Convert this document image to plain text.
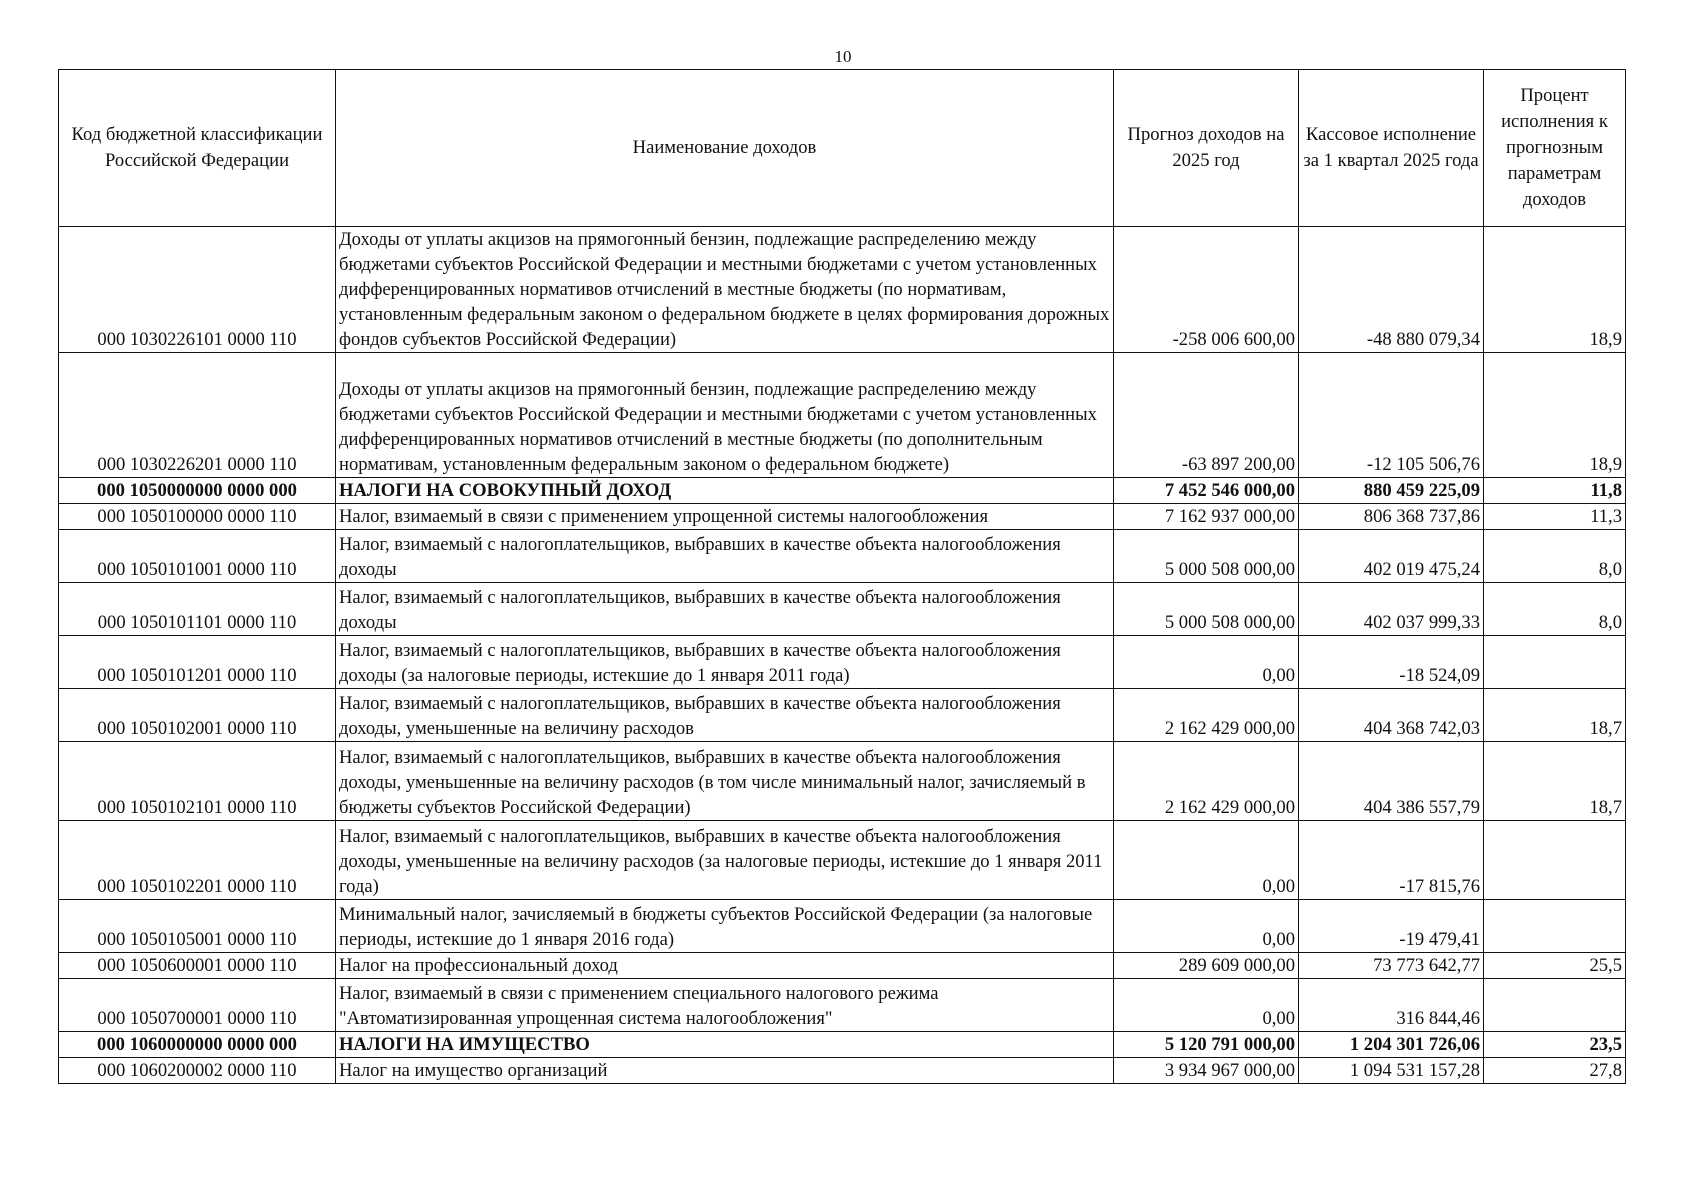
10
Код бюджетной классификации Российской Федерации	Наименование доходов	Прогноз доходов на 2025 год	Кассовое исполнение за 1 квартал 2025 года	Процент исполнения к прогнозным параметрам доходов
000 1030226101 0000 110	Доходы от уплаты акцизов на прямогонный бензин, подлежащие распределению между бюджетами субъектов Российской Федерации и местными бюджетами с учетом установленных дифференцированных нормативов отчислений в местные бюджеты (по нормативам, установленным федеральным законом о федеральном бюджете в целях формирования дорожных фондов субъектов Российской Федерации)	-258 006 600,00	-48 880 079,34	18,9
000 1030226201 0000 110	Доходы от уплаты акцизов на прямогонный бензин, подлежащие распределению между бюджетами субъектов Российской Федерации и местными бюджетами с учетом установленных дифференцированных нормативов отчислений в местные бюджеты (по дополнительным нормативам, установленным федеральным законом о федеральном бюджете)	-63 897 200,00	-12 105 506,76	18,9
000 1050000000 0000 000	НАЛОГИ НА СОВОКУПНЫЙ ДОХОД	7 452 546 000,00	880 459 225,09	11,8
000 1050100000 0000 110	Налог, взимаемый в связи с применением упрощенной системы налогообложения	7 162 937 000,00	806 368 737,86	11,3
000 1050101001 0000 110	Налог, взимаемый с налогоплательщиков, выбравших в качестве объекта налогообложения доходы	5 000 508 000,00	402 019 475,24	8,0
000 1050101101 0000 110	Налог, взимаемый с налогоплательщиков, выбравших в качестве объекта налогообложения доходы	5 000 508 000,00	402 037 999,33	8,0
000 1050101201 0000 110	Налог, взимаемый с налогоплательщиков, выбравших в качестве объекта налогообложения доходы (за налоговые периоды, истекшие до 1 января 2011 года)	0,00	-18 524,09	
000 1050102001 0000 110	Налог, взимаемый с налогоплательщиков, выбравших в качестве объекта налогообложения доходы, уменьшенные на величину расходов	2 162 429 000,00	404 368 742,03	18,7
000 1050102101 0000 110	Налог, взимаемый с налогоплательщиков, выбравших в качестве объекта налогообложения доходы, уменьшенные на величину расходов (в том числе минимальный налог, зачисляемый в бюджеты субъектов Российской Федерации)	2 162 429 000,00	404 386 557,79	18,7
000 1050102201 0000 110	Налог, взимаемый с налогоплательщиков, выбравших в качестве объекта налогообложения доходы, уменьшенные на величину расходов (за налоговые периоды, истекшие до 1 января 2011 года)	0,00	-17 815,76	
000 1050105001 0000 110	Минимальный налог, зачисляемый в бюджеты субъектов Российской Федерации (за налоговые периоды, истекшие до 1 января 2016 года)	0,00	-19 479,41	
000 1050600001 0000 110	Налог на профессиональный доход	289 609 000,00	73 773 642,77	25,5
000 1050700001 0000 110	Налог, взимаемый в связи с применением специального налогового режима "Автоматизированная упрощенная система налогообложения"	0,00	316 844,46	
000 1060000000 0000 000	НАЛОГИ НА ИМУЩЕСТВО	5 120 791 000,00	1 204 301 726,06	23,5
000 1060200002 0000 110	Налог на имущество организаций	3 934 967 000,00	1 094 531 157,28	27,8
